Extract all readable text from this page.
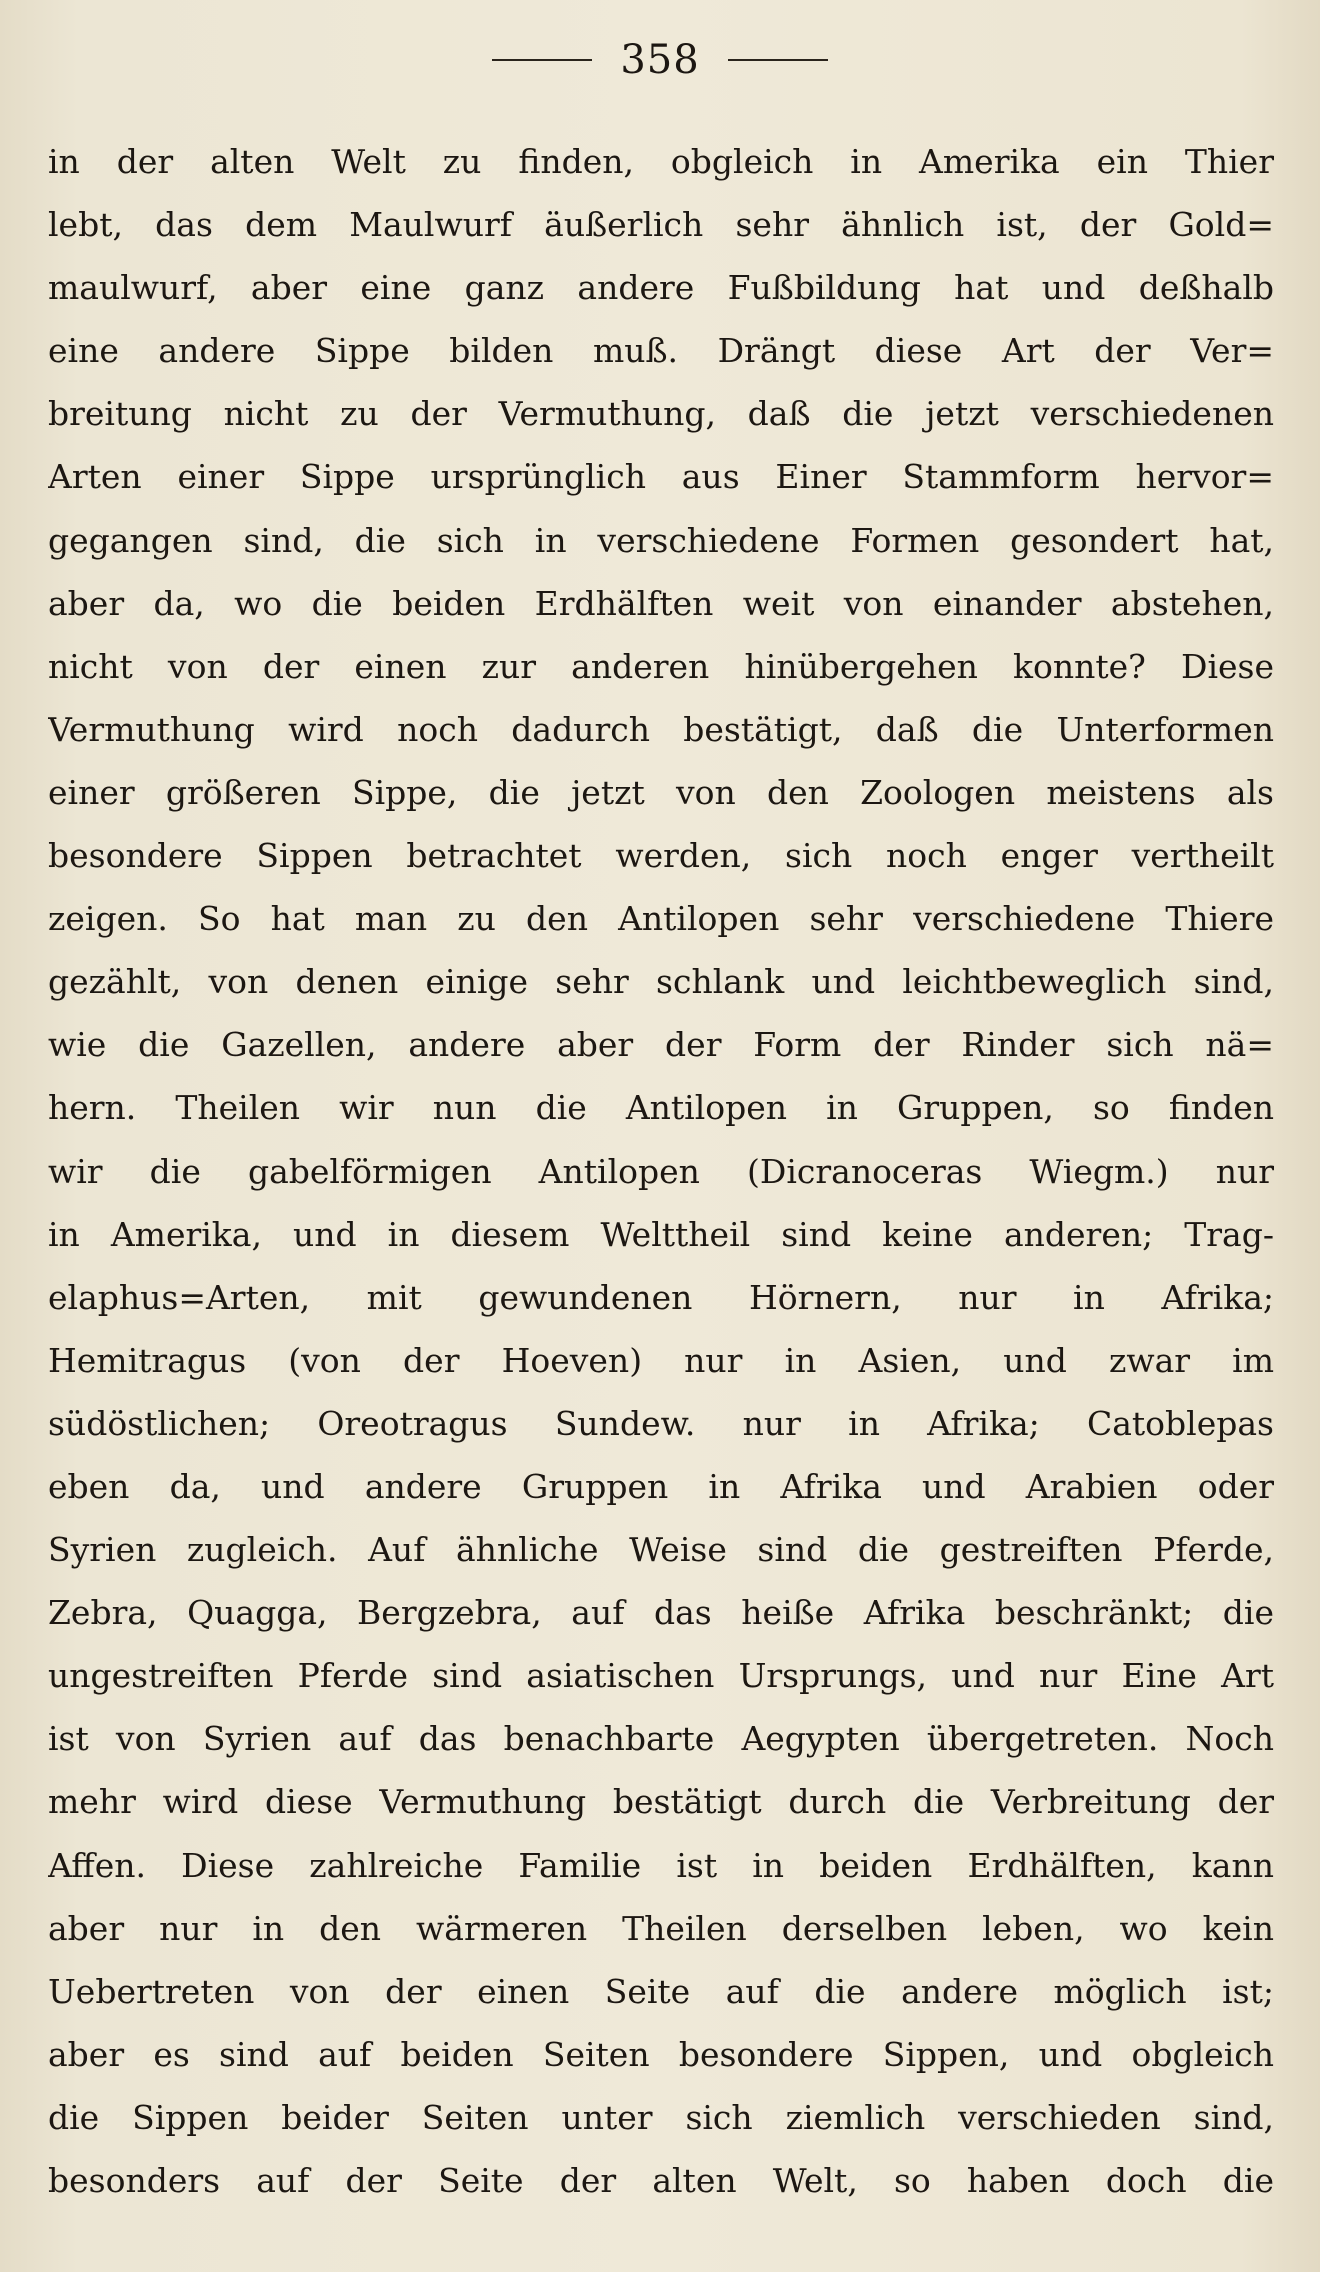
358
in der alten Welt zu finden, obgleich in Amerika ein Thier
lebt, das dem Maulwurf äußerlich sehr ähnlich ist, der Gold=
maulwurf, aber eine ganz andere Fußbildung hat und deßhalb
eine andere Sippe bilden muß. Drängt diese Art der Ver=
breitung nicht zu der Vermuthung, daß die jetzt verschiedenen
Arten einer Sippe ursprünglich aus Einer Stammform hervor=
gegangen sind, die sich in verschiedene Formen gesondert hat,
aber da, wo die beiden Erdhälften weit von einander abstehen,
nicht von der einen zur anderen hinübergehen konnte? Diese
Vermuthung wird noch dadurch bestätigt, daß die Unterformen
einer größeren Sippe, die jetzt von den Zoologen meistens als
besondere Sippen betrachtet werden, sich noch enger vertheilt
zeigen. So hat man zu den Antilopen sehr verschiedene Thiere
gezählt, von denen einige sehr schlank und leichtbeweglich sind,
wie die Gazellen, andere aber der Form der Rinder sich nä=
hern. Theilen wir nun die Antilopen in Gruppen, so finden
wir die gabelförmigen Antilopen (Dicranoceras Wiegm.) nur
in Amerika, und in diesem Welttheil sind keine anderen; Trag-
elaphus=Arten, mit gewundenen Hörnern, nur in Afrika;
Hemitragus (von der Hoeven) nur in Asien, und zwar im
südöstlichen; Oreotragus Sundew. nur in Afrika; Catoblepas
eben da, und andere Gruppen in Afrika und Arabien oder
Syrien zugleich. Auf ähnliche Weise sind die gestreiften Pferde,
Zebra, Quagga, Bergzebra, auf das heiße Afrika beschränkt; die
ungestreiften Pferde sind asiatischen Ursprungs, und nur Eine Art
ist von Syrien auf das benachbarte Aegypten übergetreten. Noch
mehr wird diese Vermuthung bestätigt durch die Verbreitung der
Affen. Diese zahlreiche Familie ist in beiden Erdhälften, kann
aber nur in den wärmeren Theilen derselben leben, wo kein
Uebertreten von der einen Seite auf die andere möglich ist;
aber es sind auf beiden Seiten besondere Sippen, und obgleich
die Sippen beider Seiten unter sich ziemlich verschieden sind,
besonders auf der Seite der alten Welt, so haben doch die
